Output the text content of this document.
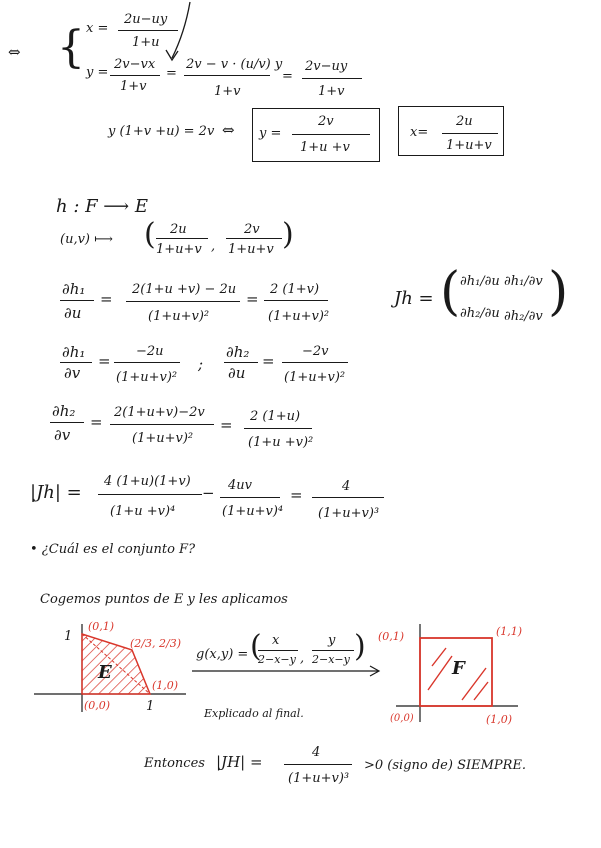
⇔ { x =
2u−uy
1+u
y =
2v−vx
1+v
=
2v − v · (u/v) y
1+v
=
2v−uy
1+v
y (1+v +u) = 2v ⇔ y =
2v
1+u +v
x=
2u
1+u+v
h : F ⟶ E
(u,v) ⟼ ( 2u
1+u+v ,
2v
1+u+v )
∂h₁
∂u
=
2(1+u +v) − 2u
(1+u+v)²
=
2 (1+v)
(1+u+v)²
Jh = ( ∂h₁/∂u ∂h₁/∂v
∂h₂/∂u ∂h₂/∂v )
∂h₁
∂v
=
−2u
(1+u+v)²
;
∂h₂
∂u
=
−2v
(1+u+v)²
∂h₂
∂v
=
2(1+u+v)−2v
(1+u+v)²
= 2 (1+u)
(1+u +v)²
|Jh| =
4 (1+u)(1+v)
(1+u +v)⁴
− 4uv
(1+u+v)⁴
=	4
(1+u+v)³
• ¿Cuál es el conjunto F?
Cogemos puntos de E y les aplicamos
E
1
1
(0,1)
(2/3, 2/3)
(1,0)
(0,0)
g(x,y) = ( x
2−x−y ,
y
2−x−y )
Explicado al final.
F
(0,1)	(1,1)
(0,0)	(1,0)
Entonces |JH| =
4
(1+u+v)³
>0 (signo de) SIEMPRE.
